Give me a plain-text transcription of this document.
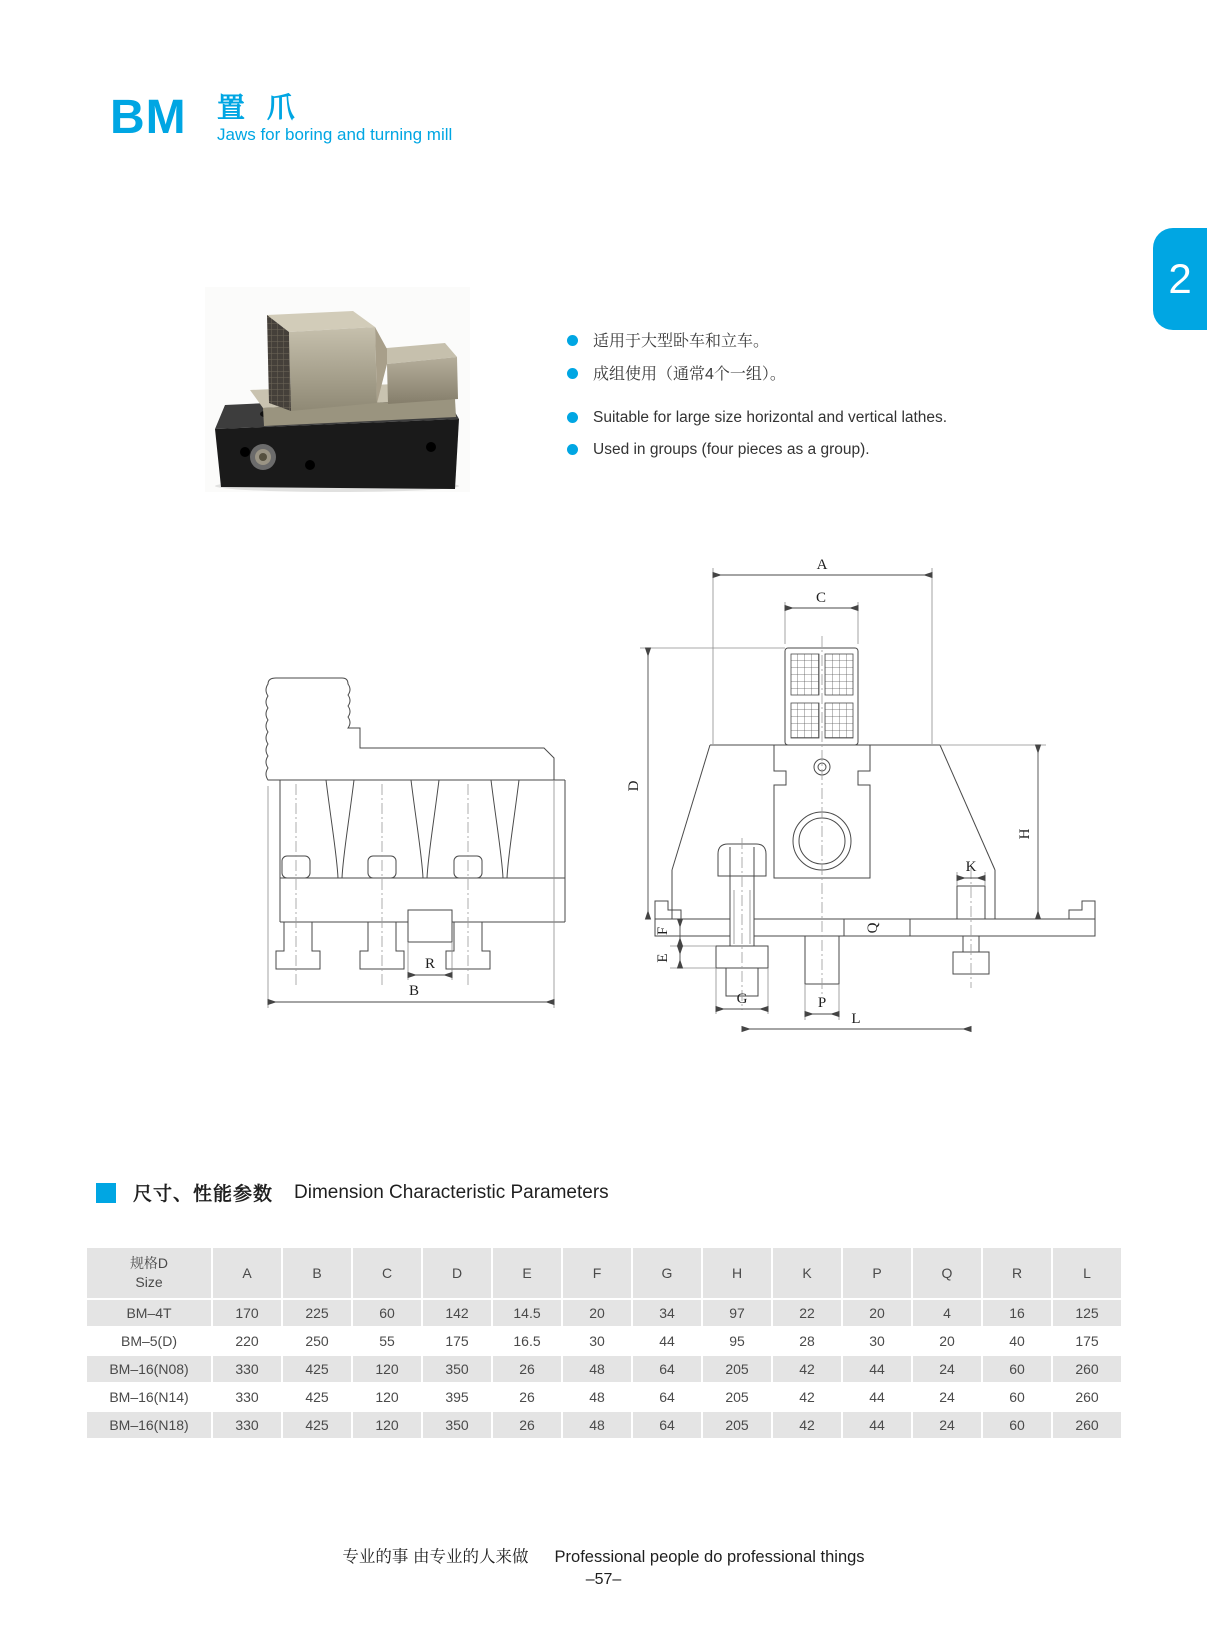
BM 置 爪
Jaws for boring and turning mill
2
适用于大型卧车和立车。
成组使用（通常4个一组）。
Suitable for large size horizontal and vertical lathes.
Used in groups (four pieces as a group).
R
B
A
C
D
H
K
F
E
G	P
L
Q
尺寸、性能参数 Dimension Characteristic Parameters
规格D
Size	A	B	C	D	E	F	G	H	K	P	Q	R	L
BM–4T	170	225	60	142	14.5	20	34	97	22	20	4	16	125
BM–5(D)	220	250	55	175	16.5	30	44	95	28	30	20	40	175
BM–16(N08)	330	425	120	350	26	48	64	205	42	44	24	60	260
BM–16(N14)	330	425	120	395	26	48	64	205	42	44	24	60	260
BM–16(N18)	330	425	120	350	26	48	64	205	42	44	24	60	260
专业的事 由专业的人来做 Professional people do professional things
–57–
